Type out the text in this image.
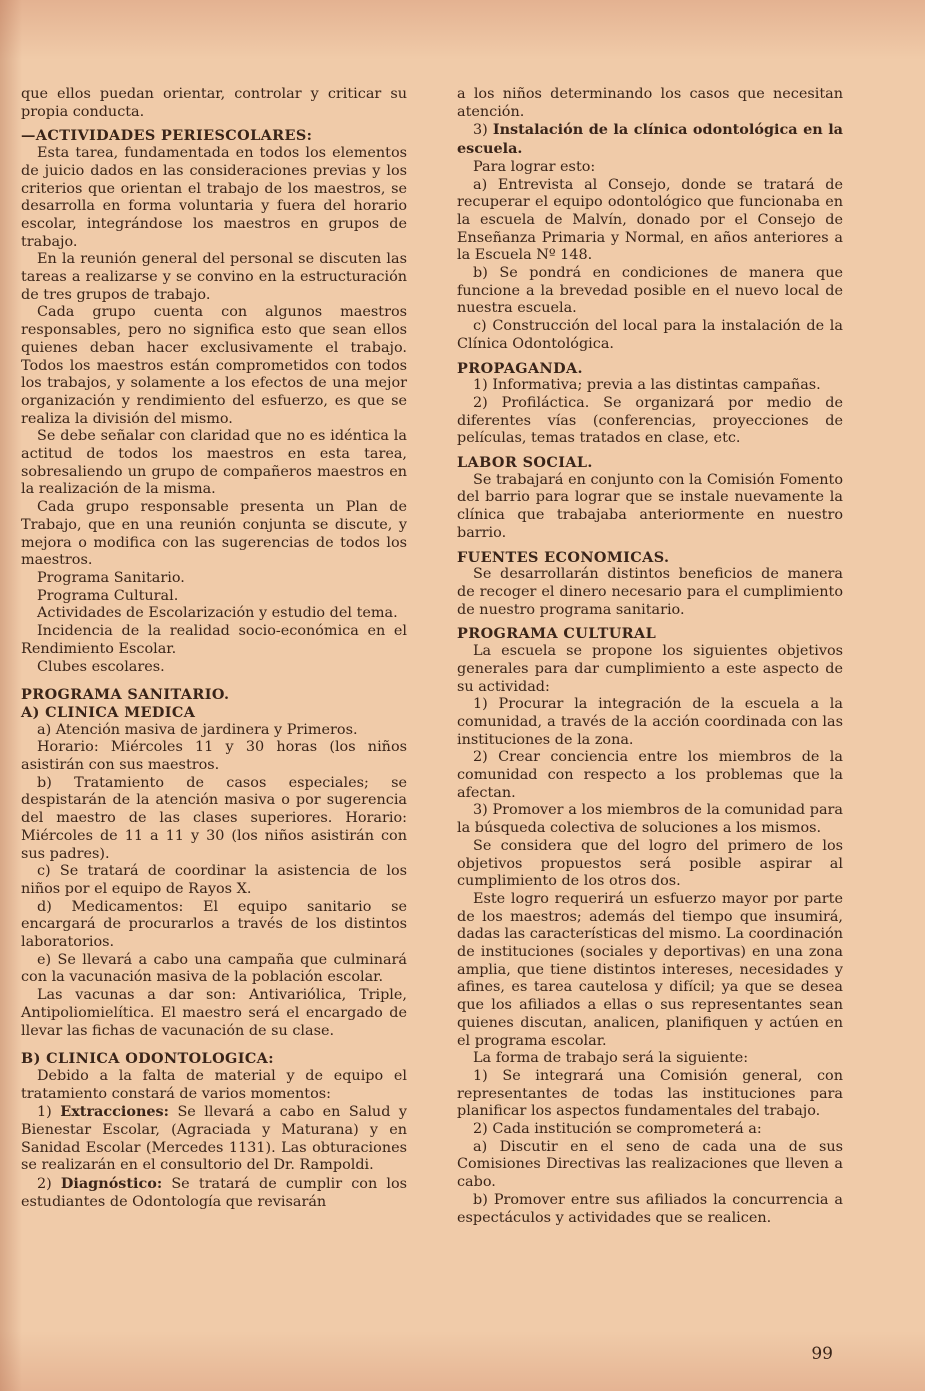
que ellos puedan orientar, controlar y criticar su propia conducta.

—ACTIVIDADES PERIESCOLARES:

Esta tarea, fundamentada en todos los elementos de juicio dados en las consideraciones previas y los criterios que orientan el trabajo de los maestros, se desarrolla en forma voluntaria y fuera del horario escolar, integrándose los maestros en grupos de trabajo.

En la reunión general del personal se discuten las tareas a realizarse y se convino en la estructuración de tres grupos de trabajo.

Cada grupo cuenta con algunos maestros responsables, pero no significa esto que sean ellos quienes deban hacer exclusivamente el trabajo. Todos los maestros están comprometidos con todos los trabajos, y solamente a los efectos de una mejor organización y rendimiento del esfuerzo, es que se realiza la división del mismo.

Se debe señalar con claridad que no es idéntica la actitud de todos los maestros en esta tarea, sobresaliendo un grupo de compañeros maestros en la realización de la misma.

Cada grupo responsable presenta un Plan de Trabajo, que en una reunión conjunta se discute, y mejora o modifica con las sugerencias de todos los maestros.

Programa Sanitario.

Programa Cultural.

Actividades de Escolarización y estudio del tema.

Incidencia de la realidad socio-económica en el Rendimiento Escolar.

Clubes escolares.

PROGRAMA SANITARIO.
A) CLINICA MEDICA

a) Atención masiva de jardinera y Primeros.

Horario: Miércoles 11 y 30 horas (los niños asistirán con sus maestros.

b) Tratamiento de casos especiales; se despistarán de la atención masiva o por sugerencia del maestro de las clases superiores. Horario: Miércoles de 11 a 11 y 30 (los niños asistirán con sus padres).

c) Se tratará de coordinar la asistencia de los niños por el equipo de Rayos X.

d) Medicamentos: El equipo sanitario se encargará de procurarlos a través de los distintos laboratorios.

e) Se llevará a cabo una campaña que culminará con la vacunación masiva de la población escolar.

Las vacunas a dar son: Antivariólica, Triple, Antipoliomielítica. El maestro será el encargado de llevar las fichas de vacunación de su clase.

B) CLINICA ODONTOLOGICA:

Debido a la falta de material y de equipo el tratamiento constará de varios momentos:

1) Extracciones: Se llevará a cabo en Salud y Bienestar Escolar, (Agraciada y Maturana) y en Sanidad Escolar (Mercedes 1131). Las obturaciones se realizarán en el consultorio del Dr. Rampoldi.

2) Diagnóstico: Se tratará de cumplir con los estudiantes de Odontología que revisarán

a los niños determinando los casos que necesitan atención.

3) Instalación de la clínica odontológica en la escuela.

Para lograr esto:

a) Entrevista al Consejo, donde se tratará de recuperar el equipo odontológico que funcionaba en la escuela de Malvín, donado por el Consejo de Enseñanza Primaria y Normal, en años anteriores a la Escuela Nº 148.

b) Se pondrá en condiciones de manera que funcione a la brevedad posible en el nuevo local de nuestra escuela.

c) Construcción del local para la instalación de la Clínica Odontológica.

PROPAGANDA.

1) Informativa; previa a las distintas campañas.

2) Profiláctica. Se organizará por medio de diferentes vías (conferencias, proyecciones de películas, temas tratados en clase, etc.

LABOR SOCIAL.

Se trabajará en conjunto con la Comisión Fomento del barrio para lograr que se instale nuevamente la clínica que trabajaba anteriormente en nuestro barrio.

FUENTES ECONOMICAS.

Se desarrollarán distintos beneficios de manera de recoger el dinero necesario para el cumplimiento de nuestro programa sanitario.

PROGRAMA CULTURAL

La escuela se propone los siguientes objetivos generales para dar cumplimiento a este aspecto de su actividad:

1) Procurar la integración de la escuela a la comunidad, a través de la acción coordinada con las instituciones de la zona.

2) Crear conciencia entre los miembros de la comunidad con respecto a los problemas que la afectan.

3) Promover a los miembros de la comunidad para la búsqueda colectiva de soluciones a los mismos.

Se considera que del logro del primero de los objetivos propuestos será posible aspirar al cumplimiento de los otros dos.

Este logro requerirá un esfuerzo mayor por parte de los maestros; además del tiempo que insumirá, dadas las características del mismo. La coordinación de instituciones (sociales y deportivas) en una zona amplia, que tiene distintos intereses, necesidades y afines, es tarea cautelosa y difícil; ya que se desea que los afiliados a ellas o sus representantes sean quienes discutan, analicen, planifiquen y actúen en el programa escolar.

La forma de trabajo será la siguiente:

1) Se integrará una Comisión general, con representantes de todas las instituciones para planificar los aspectos fundamentales del trabajo.

2) Cada institución se comprometerá a:

a) Discutir en el seno de cada una de sus Comisiones Directivas las realizaciones que lleven a cabo.

b) Promover entre sus afiliados la concurrencia a espectáculos y actividades que se realicen.

99
